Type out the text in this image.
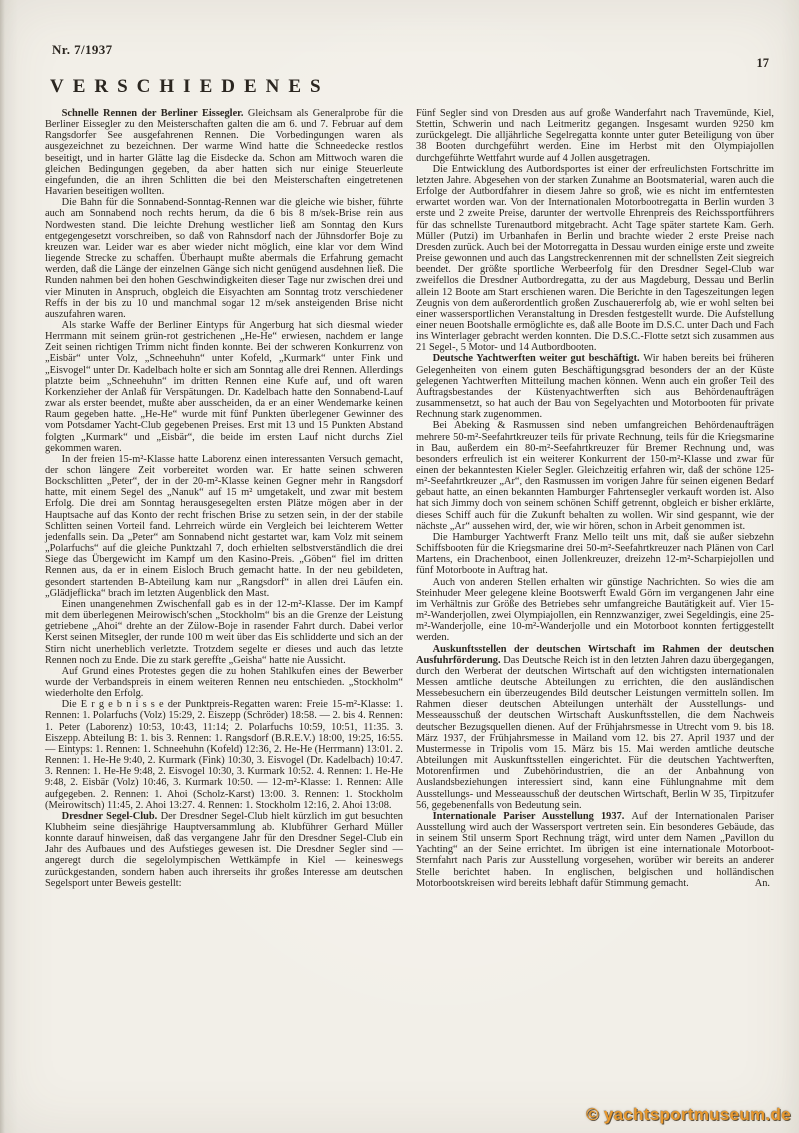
Nr. 7/1937
17
VERSCHIEDENES

Schnelle Rennen der Berliner Eissegler. Gleichsam als Generalprobe für die Berliner Eissegler zu den Meisterschaften galten die am 6. und 7. Februar auf dem Rangsdorfer See ausgefahrenen Rennen. Die Vorbedingungen waren als ausgezeichnet zu bezeichnen. Der warme Wind hatte die Schneedecke restlos beseitigt, und in harter Glätte lag die Eisdecke da. Schon am Mittwoch waren die gleichen Bedingungen gegeben, da aber hatten sich nur einige Steuerleute eingefunden, die an ihren Schlitten die bei den Meisterschaften eingetretenen Havarien beseitigen wollten.

Die Bahn für die Sonnabend-Sonntag-Rennen war die gleiche wie bisher, führte auch am Sonnabend noch rechts herum, da die 6 bis 8 m/sek-Brise rein aus Nordwesten stand. Die leichte Drehung westlicher ließ am Sonntag den Kurs entgegengesetzt vorschreiben, so daß von Rahnsdorf nach der Jühnsdorfer Boje zu kreuzen war. Leider war es aber wieder nicht möglich, eine klar vor dem Wind liegende Strecke zu schaffen. Überhaupt mußte abermals die Erfahrung gemacht werden, daß die Länge der einzelnen Gänge sich nicht genügend ausdehnen ließ. Die Runden nahmen bei den hohen Geschwindigkeiten dieser Tage nur zwischen drei und vier Minuten in Anspruch, obgleich die Eisyachten am Sonntag trotz verschiedener Reffs in der bis zu 10 und manchmal sogar 12 m/sek ansteigenden Brise nicht auszufahren waren.

Als starke Waffe der Berliner Eintyps für Angerburg hat sich diesmal wieder Herrmann mit seinem grün-rot gestrichenen „He-He“ erwiesen, nachdem er lange Zeit seinen richtigen Trimm nicht finden konnte. Bei der schweren Konkurrenz von „Eisbär“ unter Volz, „Schneehuhn“ unter Kofeld, „Kurmark“ unter Fink und „Eisvogel“ unter Dr. Kadelbach holte er sich am Sonntag alle drei Rennen. Allerdings platzte beim „Schneehuhn“ im dritten Rennen eine Kufe auf, und oft waren Korkenzieher der Anlaß für Verspätungen. Dr. Kadelbach hatte den Sonnabend-Lauf zwar als erster beendet, mußte aber ausscheiden, da er an einer Wendemarke keinen Raum gegeben hatte. „He-He“ wurde mit fünf Punkten überlegener Gewinner des vom Potsdamer Yacht-Club gegebenen Preises. Erst mit 13 und 15 Punkten Abstand folgten „Kurmark“ und „Eisbär“, die beide im ersten Lauf nicht durchs Ziel gekommen waren.

In der freien 15-m²-Klasse hatte Laborenz einen interessanten Versuch gemacht, der schon längere Zeit vorbereitet worden war. Er hatte seinen schweren Bockschlitten „Peter“, der in der 20-m²-Klasse keinen Gegner mehr in Rangsdorf hatte, mit einem Segel des „Nanuk“ auf 15 m² umgetakelt, und zwar mit bestem Erfolg. Die drei am Sonntag herausgesegelten ersten Plätze mögen aber in der Hauptsache auf das Konto der recht frischen Brise zu setzen sein, in der der stabile Schlitten seinen Vorteil fand. Lehrreich würde ein Vergleich bei leichterem Wetter jedenfalls sein. Da „Peter“ am Sonnabend nicht gestartet war, kam Volz mit seinem „Polarfuchs“ auf die gleiche Punktzahl 7, doch erhielten selbstverständlich die drei Siege das Übergewicht im Kampf um den Kasino-Preis. „Göben“ fiel im dritten Rennen aus, da er in einem Eisloch Bruch gemacht hatte. In der neu gebildeten, gesondert startenden B-Abteilung kam nur „Rangsdorf“ in allen drei Läufen ein. „Glädjeflicka“ brach im letzten Augenblick den Mast.

Einen unangenehmen Zwischenfall gab es in der 12-m²-Klasse. Der im Kampf mit dem überlegenen Meirowisch'schen „Stockholm“ bis an die Grenze der Leistung getriebene „Ahoi“ drehte an der Zülow-Boje in rasender Fahrt durch. Dabei verlor Kerst seinen Mitsegler, der runde 100 m weit über das Eis schlidderte und sich an der Stirn nicht unerheblich verletzte. Trotzdem segelte er dieses und auch das letzte Rennen noch zu Ende. Die zu stark gereffte „Geisha“ hatte nie Aussicht.

Auf Grund eines Protestes gegen die zu hohen Stahlkufen eines der Bewerber wurde der Verbandspreis in einem weiteren Rennen neu entschieden. „Stockholm“ wiederholte den Erfolg.

Die E r g e b n i s s e der Punktpreis-Regatten waren: Freie 15-m²-Klasse: 1. Rennen: 1. Polarfuchs (Volz) 15:29, 2. Eiszepp (Schröder) 18:58. — 2. bis 4. Rennen: 1. Peter (Laborenz) 10:53, 10:43, 11:14; 2. Polarfuchs 10:59, 10:51, 11:35. 3. Eiszepp. Abteilung B: 1. bis 3. Rennen: 1. Rangsdorf (B.R.E.V.) 18:00, 19:25, 16:55. — Eintyps: 1. Rennen: 1. Schneehuhn (Kofeld) 12:36, 2. He-He (Herrmann) 13:01. 2. Rennen: 1. He-He 9:40, 2. Kurmark (Fink) 10:30, 3. Eisvogel (Dr. Kadelbach) 10:47. 3. Rennen: 1. He-He 9:48, 2. Eisvogel 10:30, 3. Kurmark 10:52. 4. Rennen: 1. He-He 9:48, 2. Eisbär (Volz) 10:46, 3. Kurmark 10:50. — 12-m²-Klasse: 1. Rennen: Alle aufgegeben. 2. Rennen: 1. Ahoi (Scholz-Karst) 13:00. 3. Rennen: 1. Stockholm (Meirowitsch) 11:45, 2. Ahoi 13:27. 4. Rennen: 1. Stockholm 12:16, 2. Ahoi 13:08.

Dresdner Segel-Club. Der Dresdner Segel-Club hielt kürzlich im gut besuchten Klubheim seine diesjährige Hauptversammlung ab. Klubführer Gerhard Müller konnte darauf hinweisen, daß das vergangene Jahr für den Dresdner Segel-Club ein Jahr des Aufbaues und des Aufstieges gewesen ist. Die Dresdner Segler sind — angeregt durch die segelolympischen Wettkämpfe in Kiel — keineswegs zurückgestanden, sondern haben auch ihrerseits ihr großes Interesse am deutschen Segelsport unter Beweis gestellt:

Fünf Segler sind von Dresden aus auf große Wanderfahrt nach Travemünde, Kiel, Stettin, Schwerin und nach Leitmeritz gegangen. Insgesamt wurden 9250 km zurückgelegt. Die alljährliche Segelregatta konnte unter guter Beteiligung von über 38 Booten durchgeführt werden. Eine im Herbst mit den Olympiajollen durchgeführte Wettfahrt wurde auf 4 Jollen ausgetragen.

Die Entwicklung des Autbordsportes ist einer der erfreulichsten Fortschritte im letzten Jahre. Abgesehen von der starken Zunahme an Bootsmaterial, waren auch die Erfolge der Autbordfahrer in diesem Jahre so groß, wie es nicht im entferntesten erwartet worden war. Von der Internationalen Motorbootregatta in Berlin wurden 3 erste und 2 zweite Preise, darunter der wertvolle Ehrenpreis des Reichssportführers für das schnellste Turenautbord mitgebracht. Acht Tage später startete Kam. Gerh. Müller (Putzi) im Urbanhafen in Berlin und brachte wieder 2 erste Preise nach Dresden zurück. Auch bei der Motorregatta in Dessau wurden einige erste und zweite Preise gewonnen und auch das Langstreckenrennen mit der schnellsten Zeit siegreich beendet. Der größte sportliche Werbeerfolg für den Dresdner Segel-Club war zweifellos die Dresdner Autbordregatta, zu der aus Magdeburg, Dessau und Berlin allein 12 Boote am Start erschienen waren. Die Berichte in den Tageszeitungen legen Zeugnis von dem außerordentlich großen Zuschauererfolg ab, wie er wohl selten bei einer wassersportlichen Veranstaltung in Dresden festgestellt wurde. Die Aufstellung einer neuen Bootshalle ermöglichte es, daß alle Boote im D.S.C. unter Dach und Fach ins Winterlager gebracht werden konnten. Die D.S.C.-Flotte setzt sich zusammen aus 21 Segel-, 5 Motor- und 14 Autbordbooten.

Deutsche Yachtwerften weiter gut beschäftigt. Wir haben bereits bei früheren Gelegenheiten von einem guten Beschäftigungsgrad besonders der an der Küste gelegenen Yachtwerften Mitteilung machen können. Wenn auch ein großer Teil des Auftragsbestandes der Küstenyachtwerften sich aus Behördenaufträgen zusammensetzt, so hat auch der Bau von Segelyachten und Motorbooten für private Rechnung stark zugenommen.

Bei Abeking & Rasmussen sind neben umfangreichen Behördenaufträgen mehrere 50-m²-Seefahrtkreuzer teils für private Rechnung, teils für die Kriegsmarine in Bau, außerdem ein 80-m²-Seefahrtkreuzer für Bremer Rechnung und, was besonders erfreulich ist ein weiterer Konkurrent der 150-m²-Klasse und zwar für einen der bekanntesten Kieler Segler. Gleichzeitig erfahren wir, daß der schöne 125-m²-Seefahrtkreuzer „Ar“, den Rasmussen im vorigen Jahre für seinen eigenen Bedarf gebaut hatte, an einen bekannten Hamburger Fahrtensegler verkauft worden ist. Also hat sich Jimmy doch von seinem schönen Schiff getrennt, obgleich er bisher erklärte, dieses Schiff auch für die Zukunft behalten zu wollen. Wir sind gespannt, wie der nächste „Ar“ aussehen wird, der, wie wir hören, schon in Arbeit genommen ist.

Die Hamburger Yachtwerft Franz Mello teilt uns mit, daß sie außer siebzehn Schiffsbooten für die Kriegsmarine drei 50-m²-Seefahrtkreuzer nach Plänen von Carl Martens, ein Drachenboot, einen Jollenkreuzer, dreizehn 12-m²-Scharpiejollen und fünf Motorboote in Auftrag hat.

Auch von anderen Stellen erhalten wir günstige Nachrichten. So wies die am Steinhuder Meer gelegene kleine Bootswerft Ewald Görn im vergangenen Jahr eine im Verhältnis zur Größe des Betriebes sehr umfangreiche Bautätigkeit auf. Vier 15-m²-Wanderjollen, zwei Olympiajollen, ein Rennzwanziger, zwei Segeldingis, eine 25-m²-Wanderjolle, eine 10-m²-Wanderjolle und ein Motorboot konnten fertiggestellt werden.

Auskunftsstellen der deutschen Wirtschaft im Rahmen der deutschen Ausfuhrförderung. Das Deutsche Reich ist in den letzten Jahren dazu übergegangen, durch den Werberat der deutschen Wirtschaft auf den wichtigsten internationalen Messen amtliche deutsche Abteilungen zu errichten, die den ausländischen Messebesuchern ein überzeugendes Bild deutscher Leistungen vermitteln sollen. Im Rahmen dieser deutschen Abteilungen unterhält der Ausstellungs- und Messeausschuß der deutschen Wirtschaft Auskunftsstellen, die dem Nachweis deutscher Bezugsquellen dienen. Auf der Frühjahrsmesse in Utrecht vom 9. bis 18. März 1937, der Frühjahrsmesse in Mailand vom 12. bis 27. April 1937 und der Mustermesse in Tripolis vom 15. März bis 15. Mai werden amtliche deutsche Abteilungen mit Auskunftsstellen eingerichtet. Für die deutschen Yachtwerften, Motorenfirmen und Zubehörindustrien, die an der Anbahnung von Auslandsbeziehungen interessiert sind, kann eine Fühlungnahme mit dem Ausstellungs- und Messeausschuß der deutschen Wirtschaft, Berlin W 35, Tirpitzufer 56, gegebenenfalls von Bedeutung sein.

Internationale Pariser Ausstellung 1937. Auf der Internationalen Pariser Ausstellung wird auch der Wassersport vertreten sein. Ein besonderes Gebäude, das in seinem Stil unserm Sport Rechnung trägt, wird unter dem Namen „Pavillon du Yachting“ an der Seine errichtet. Im übrigen ist eine internationale Motorboot-Sternfahrt nach Paris zur Ausstellung vorgesehen, worüber wir bereits an anderer Stelle berichtet haben. In englischen, belgischen und holländischen Motorbootskreisen wird bereits lebhaft dafür Stimmung gemacht.	An.
© yachtsportmuseum.de
